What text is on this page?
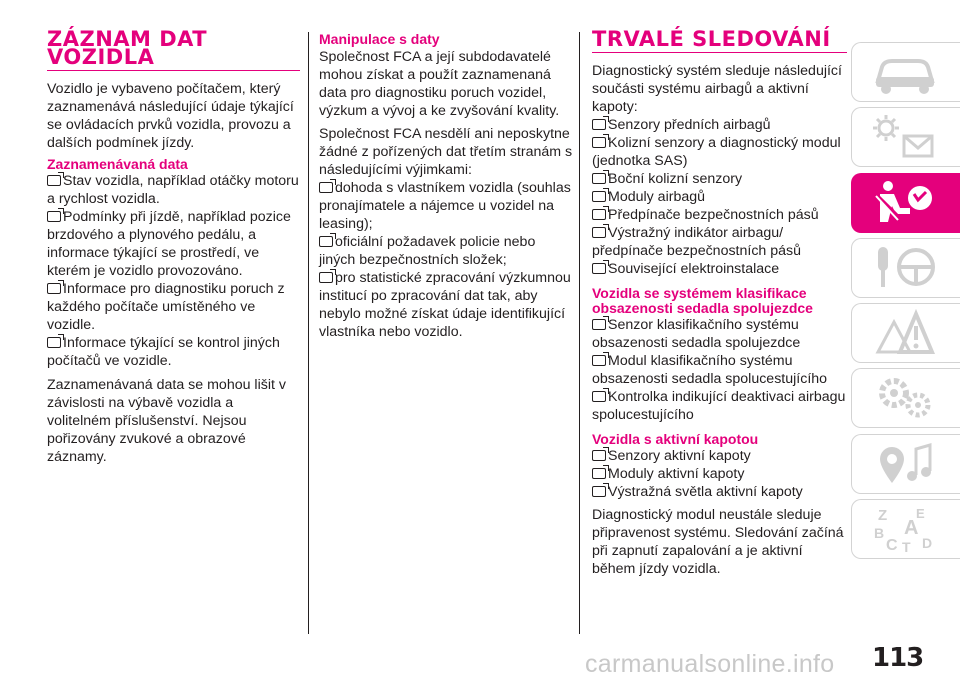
ZÁZNAM DAT
VOZIDLA

Vozidlo je vybaveno počítačem, který zaznamenává následující údaje týkající se ovládacích prvků vozidla, provozu a dalších podmínek jízdy.

Zaznamenávaná data
Stav vozidla, například otáčky motoru a rychlost vozidla.
Podmínky při jízdě, například pozice brzdového a plynového pedálu, a informace týkající se prostředí, ve kterém je vozidlo provozováno.
Informace pro diagnostiku poruch z každého počítače umístěného ve vozidle.
Informace týkající se kontrol jiných počítačů ve vozidle.

Zaznamenávaná data se mohou lišit v závislosti na výbavě vozidla a volitelném příslušenství. Nejsou pořizovány zvukové a obrazové záznamy.

Manipulace s daty

Společnost FCA a její subdodavatelé mohou získat a použít zaznamenaná data pro diagnostiku poruch vozidel, výzkum a vývoj a ke zvyšování kvality.

Společnost FCA nesdělí ani neposkytne žádné z pořízených dat třetím stranám s následujícími výjimkami:

dohoda s vlastníkem vozidla (souhlas pronajímatele a nájemce u vozidel na leasing);
oficiální požadavek policie nebo jiných bezpečnostních složek;
pro statistické zpracování výzkumnou institucí po zpracování dat tak, aby nebylo možné získat údaje identifikující vlastníka nebo vozidlo.
TRVALÉ SLEDOVÁNÍ
Diagnostický systém sleduje následující součásti systému airbagů a aktivní kapoty:
Senzory předních airbagů
Kolizní senzory a diagnostický modul (jednotka SAS)
Boční kolizní senzory
Moduly airbagů
Předpínače bezpečnostních pásů
Výstražný indikátor airbagu/ předpínače bezpečnostních pásů
Související elektroinstalace
Vozidla se systémem klasifikace obsazenosti sedadla spolujezdce
Senzor klasifikačního systému obsazenosti sedadla spolujezdce
Modul klasifikačního systému obsazenosti sedadla spolucestujícího
Kontrolka indikující deaktivaci airbagu spolucestujícího
Vozidla s aktivní kapotou
Senzory aktivní kapoty
Moduly aktivní kapoty
Výstražná světla aktivní kapoty

Diagnostický modul neustále sleduje připravenost systému. Sledování začíná při zapnutí zapalování a je aktivní během jízdy vozidla.

Z E
A
B
C T D
carmanualsonline.info 113
